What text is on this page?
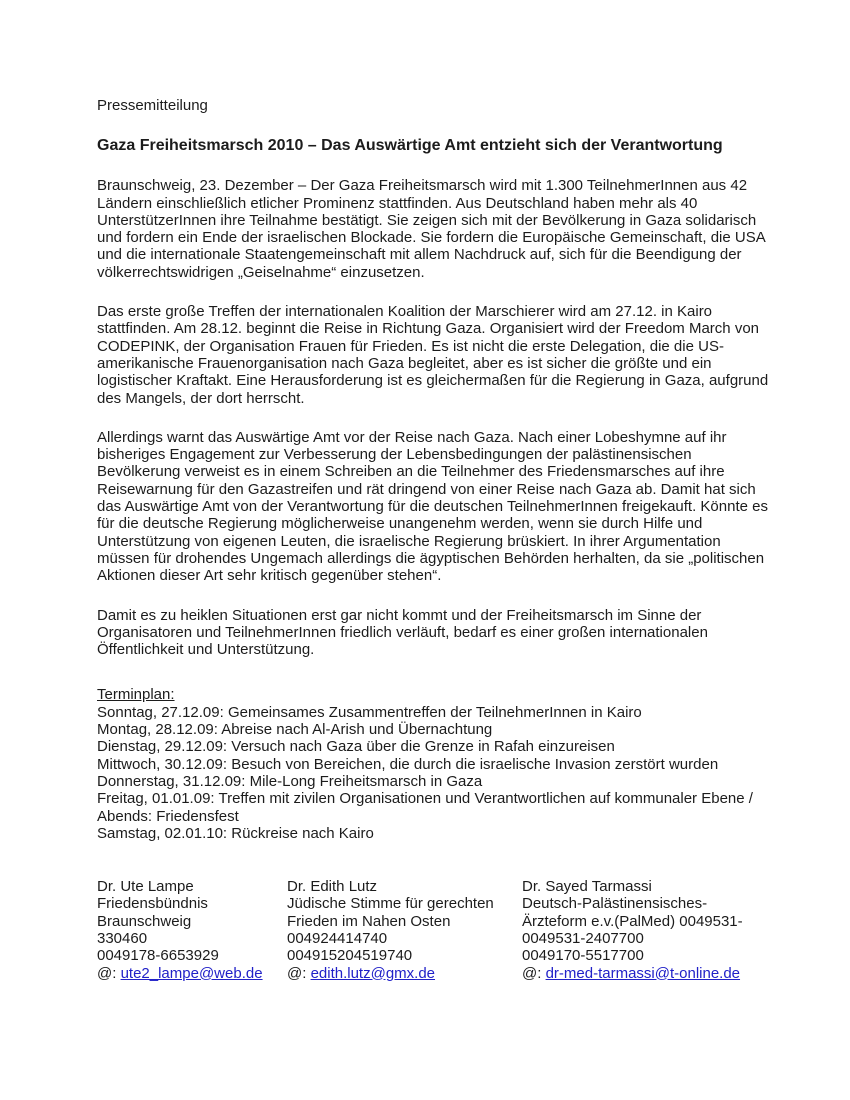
Pressemitteilung

Gaza Freiheitsmarsch 2010 – Das Auswärtige Amt entzieht sich der Verantwortung

Braunschweig, 23. Dezember – Der Gaza Freiheitsmarsch wird mit 1.300 TeilnehmerInnen aus 42 Ländern einschließlich etlicher Prominenz stattfinden. Aus Deutschland haben mehr als 40 UnterstützerInnen ihre Teilnahme bestätigt. Sie zeigen sich mit der Bevölkerung in Gaza solidarisch und fordern ein Ende der israelischen Blockade. Sie fordern die Europäische Gemeinschaft, die USA und die internationale Staatengemeinschaft mit allem Nachdruck auf, sich für die Beendigung der völkerrechtswidrigen „Geiselnahme“ einzusetzen.

Das erste große Treffen der internationalen Koalition der Marschierer wird am 27.12. in Kairo stattfinden. Am 28.12. beginnt die Reise in Richtung Gaza. Organisiert wird der Freedom March von CODEPINK, der Organisation Frauen für Frieden. Es ist nicht die erste Delegation, die die US-amerikanische Frauenorganisation nach Gaza begleitet, aber es ist sicher die größte und ein logistischer Kraftakt. Eine Herausforderung ist es gleichermaßen für die Regierung in Gaza, aufgrund des Mangels, der dort herrscht.

Allerdings warnt das Auswärtige Amt vor der Reise nach Gaza. Nach einer Lobeshymne auf ihr bisheriges Engagement zur Verbesserung der Lebensbedingungen der palästinensischen Bevölkerung verweist es in einem Schreiben an die Teilnehmer des Friedensmarsches auf ihre Reisewarnung für den Gazastreifen und rät dringend von einer Reise nach Gaza ab. Damit hat sich das Auswärtige Amt von der Verantwortung für die deutschen TeilnehmerInnen freigekauft. Könnte es für die deutsche Regierung möglicherweise unangenehm werden, wenn sie durch Hilfe und Unterstützung von eigenen Leuten, die israelische Regierung brüskiert. In ihrer Argumentation müssen für drohendes Ungemach allerdings die ägyptischen Behörden herhalten, da sie „politischen Aktionen dieser Art sehr kritisch gegenüber stehen“.

Damit es zu heiklen Situationen erst gar nicht kommt und der Freiheitsmarsch im Sinne der Organisatoren und TeilnehmerInnen friedlich verläuft, bedarf es einer großen internationalen Öffentlichkeit und Unterstützung.

Terminplan:
Sonntag, 27.12.09: Gemeinsames Zusammentreffen der TeilnehmerInnen in Kairo
Montag, 28.12.09: Abreise nach Al-Arish und Übernachtung
Dienstag, 29.12.09: Versuch nach Gaza über die Grenze in Rafah einzureisen
Mittwoch, 30.12.09: Besuch von Bereichen, die durch die israelische Invasion zerstört wurden
Donnerstag, 31.12.09: Mile-Long Freiheitsmarsch in Gaza
Freitag, 01.01.09: Treffen mit zivilen Organisationen und Verantwortlichen auf kommunaler Ebene /
Abends: Friedensfest
Samstag, 02.01.10: Rückreise nach Kairo
Dr. Ute Lampe
Friedensbündnis
Braunschweig
330460
0049178-6653929
@: ute2_lampe@web.de
Dr. Edith Lutz
Jüdische Stimme für gerechten
Frieden im Nahen Osten
004924414740
004915204519740
@: edith.lutz@gmx.de
Dr. Sayed Tarmassi
Deutsch-Palästinensisches-
Ärzteform e.v.(PalMed) 0049531-
0049531-2407700
0049170-5517700
@: dr-med-tarmassi@t-online.de
